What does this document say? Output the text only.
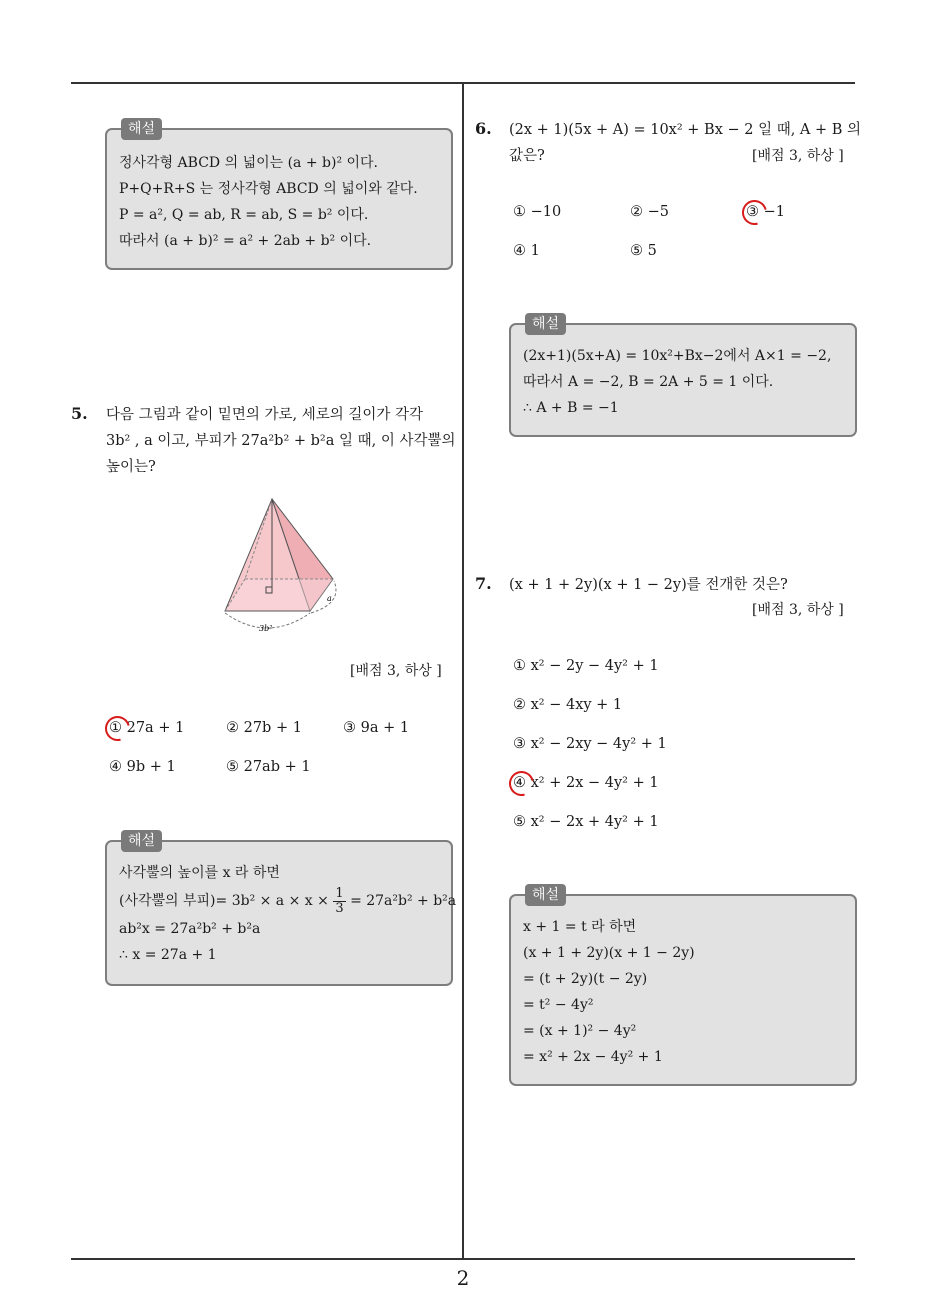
2
해설
정사각형 ABCD 의 넓이는 (a + b)² 이다.
P+Q+R+S 는 정사각형 ABCD 의 넓이와 같다.
P = a², Q = ab, R = ab, S = b² 이다.
따라서 (a + b)² = a² + 2ab + b² 이다.
5. 다음 그림과 같이 밑면의 가로, 세로의 길이가 각각
3b² , a 이고, 부피가 27a²b² + b²a 일 때, 이 사각뿔의
높이는?
3b²
a
[배점 3, 하상 ]
① 27a + 1	② 27b + 1	③ 9a + 1
④ 9b + 1	⑤ 27ab + 1
해설
사각뿔의 높이를 x 라 하면
(사각뿔의 부피)= $3b^2 \times a \times x \times \frac{1}{3} = 27a^2b^2 + b^2a$
ab²x = 27a²b² + b²a
∴ x = 27a + 1
6. (2x + 1)(5x + A) = 10x² + Bx − 2 일 때, A + B 의
값은?	[배점 3, 하상 ]
① −10	② −5	③ −1
④ 1	⑤ 5
해설
(2x+1)(5x+A) = 10x²+Bx−2에서 A×1 = −2,
따라서 A = −2, B = 2A + 5 = 1 이다.
∴ A + B = −1
7. (x + 1 + 2y)(x + 1 − 2y)를 전개한 것은?
[배점 3, 하상 ]
① x² − 2y − 4y² + 1
② x² − 4xy + 1
③ x² − 2xy − 4y² + 1
④ x² + 2x − 4y² + 1
⑤ x² − 2x + 4y² + 1
해설
x + 1 = t 라 하면
(x + 1 + 2y)(x + 1 − 2y)
= (t + 2y)(t − 2y)
= t² − 4y²
= (x + 1)² − 4y²
= x² + 2x − 4y² + 1
